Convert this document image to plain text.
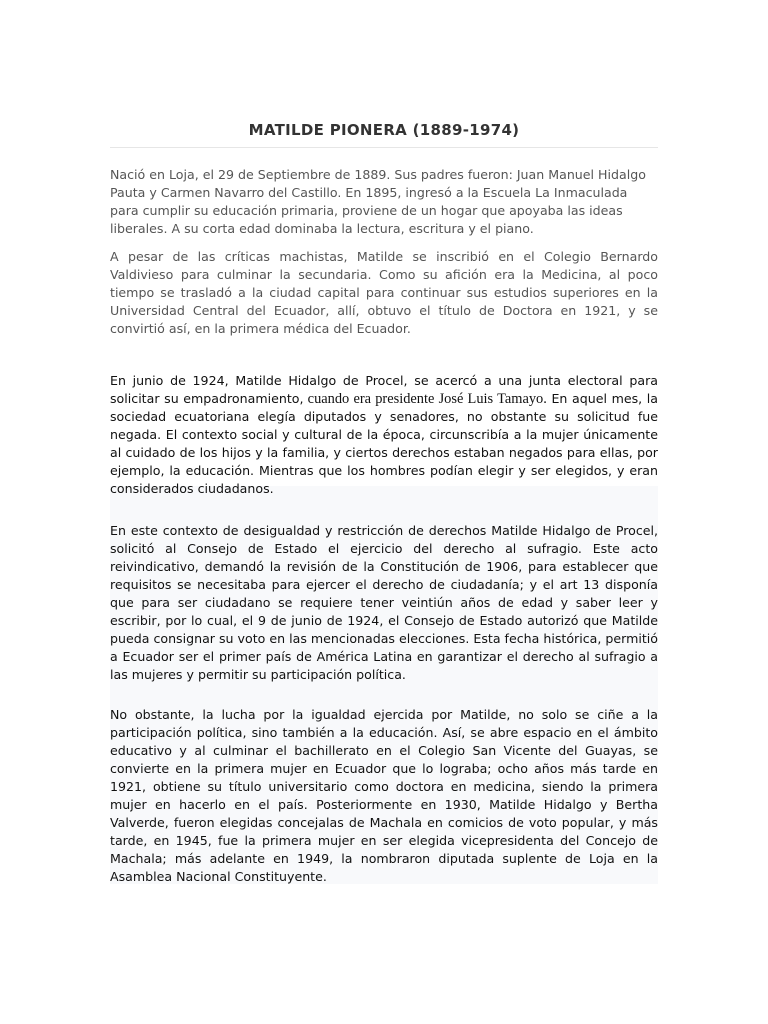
MATILDE PIONERA (1889-1974)

Nació en Loja, el 29 de Septiembre de 1889. Sus padres fueron: Juan Manuel Hidalgo Pauta y Carmen Navarro del Castillo. En 1895, ingresó a la Escuela La Inmaculada para cumplir su educación primaria, proviene de un hogar que apoyaba las ideas liberales. A su corta edad dominaba la lectura, escritura y el piano.

A pesar de las críticas machistas, Matilde se inscribió en el Colegio Bernardo Valdivieso para culminar la secundaria. Como su afición era la Medicina, al poco tiempo se trasladó a la ciudad capital para continuar sus estudios superiores en la Universidad Central del Ecuador, allí, obtuvo el título de Doctora en 1921, y se convirtió así, en la primera médica del Ecuador.

En junio de 1924, Matilde Hidalgo de Procel, se acercó a una junta electoral para solicitar su empadronamiento, cuando era presidente José Luis Tamayo. En aquel mes, la sociedad ecuatoriana elegía diputados y senadores, no obstante su solicitud fue negada. El contexto social y cultural de la época, circunscribía a la mujer únicamente al cuidado de los hijos y la familia, y ciertos derechos estaban negados para ellas, por ejemplo, la educación. Mientras que los hombres podían elegir y ser elegidos, y eran considerados ciudadanos.

En este contexto de desigualdad y restricción de derechos Matilde Hidalgo de Procel, solicitó al Consejo de Estado el ejercicio del derecho al sufragio. Este acto reivindicativo, demandó la revisión de la Constitución de 1906, para establecer que requisitos se necesitaba para ejercer el derecho de ciudadanía; y el art 13 disponía que para ser ciudadano se requiere tener veintiún años de edad y saber leer y escribir, por lo cual, el 9 de junio de 1924, el Consejo de Estado autorizó que Matilde pueda consignar su voto en las mencionadas elecciones. Esta fecha histórica, permitió a Ecuador ser el primer país de América Latina en garantizar el derecho al sufragio a las mujeres y permitir su participación política.

No obstante, la lucha por la igualdad ejercida por Matilde, no solo se ciñe a la participación política, sino también a la educación. Así, se abre espacio en el ámbito educativo y al culminar el bachillerato en el Colegio San Vicente del Guayas, se convierte en la primera mujer en Ecuador que lo lograba; ocho años más tarde en 1921, obtiene su título universitario como doctora en medicina, siendo la primera mujer en hacerlo en el país. Posteriormente en 1930, Matilde Hidalgo y Bertha Valverde, fueron elegidas concejalas de Machala en comicios de voto popular, y más tarde, en 1945, fue la primera mujer en ser elegida vicepresidenta del Concejo de Machala; más adelante en 1949, la nombraron diputada suplente de Loja en la Asamblea Nacional Constituyente.
